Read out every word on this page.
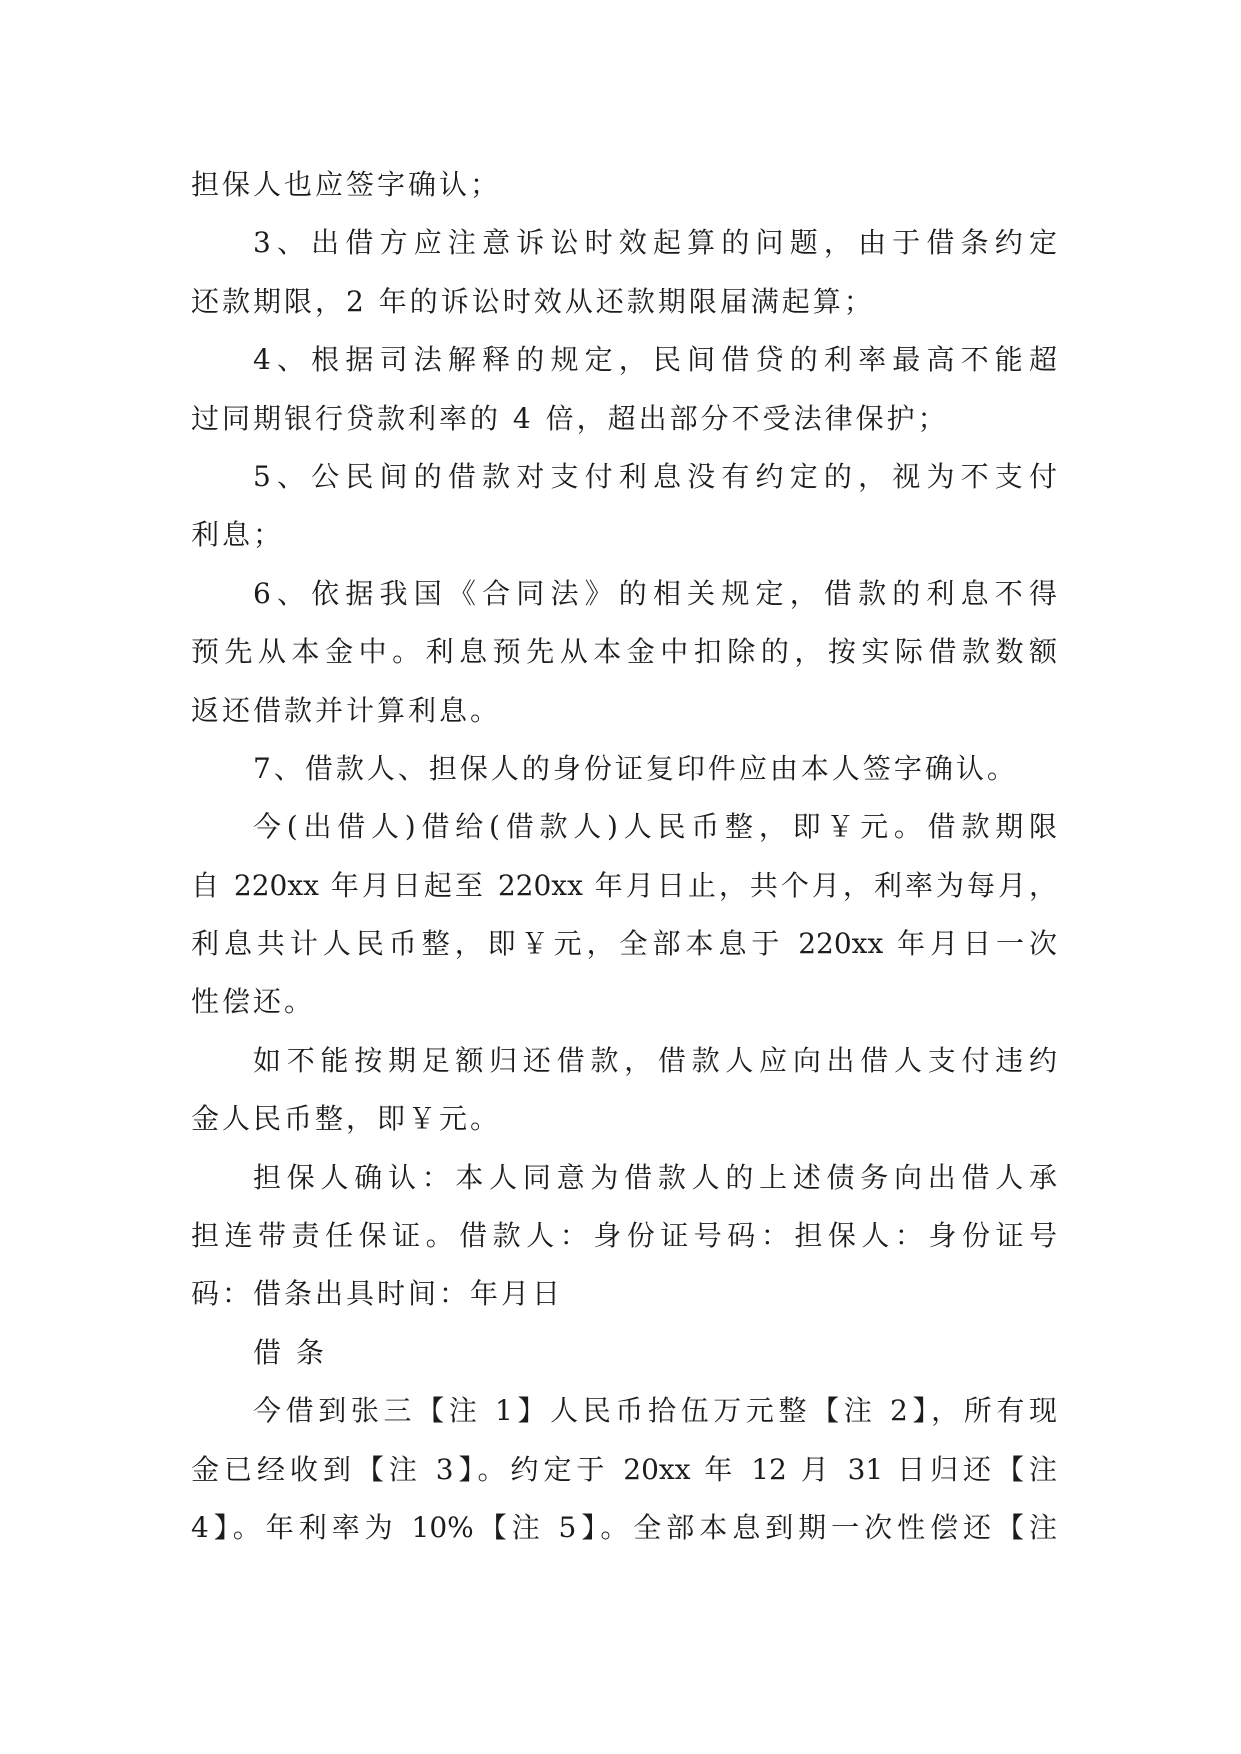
担保人也应签字确认；
3、出借方应注意诉讼时效起算的问题，由于借条约定
还款期限，2 年的诉讼时效从还款期限届满起算；
4、根据司法解释的规定，民间借贷的利率最高不能超
过同期银行贷款利率的 4 倍，超出部分不受法律保护；
5、公民间的借款对支付利息没有约定的，视为不支付
利息；
6、依据我国《合同法》的相关规定，借款的利息不得
预先从本金中。利息预先从本金中扣除的，按实际借款数额
返还借款并计算利息。
7、借款人、担保人的身份证复印件应由本人签字确认。
今(出借人)借给(借款人)人民币整，即￥元。借款期限
自 220xx 年月日起至 220xx 年月日止，共个月，利率为每月，
利息共计人民币整，即￥元，全部本息于 220xx 年月日一次
性偿还。
如不能按期足额归还借款，借款人应向出借人支付违约
金人民币整，即￥元。
担保人确认：本人同意为借款人的上述债务向出借人承
担连带责任保证。借款人：身份证号码：担保人：身份证号
码：借条出具时间：年月日
借 条
今借到张三【注 1】人民币拾伍万元整【注 2】，所有现
金已经收到【注 3】。约定于 20xx 年 12 月 31 日归还【注
4】。年利率为 10%【注 5】。全部本息到期一次性偿还【注
